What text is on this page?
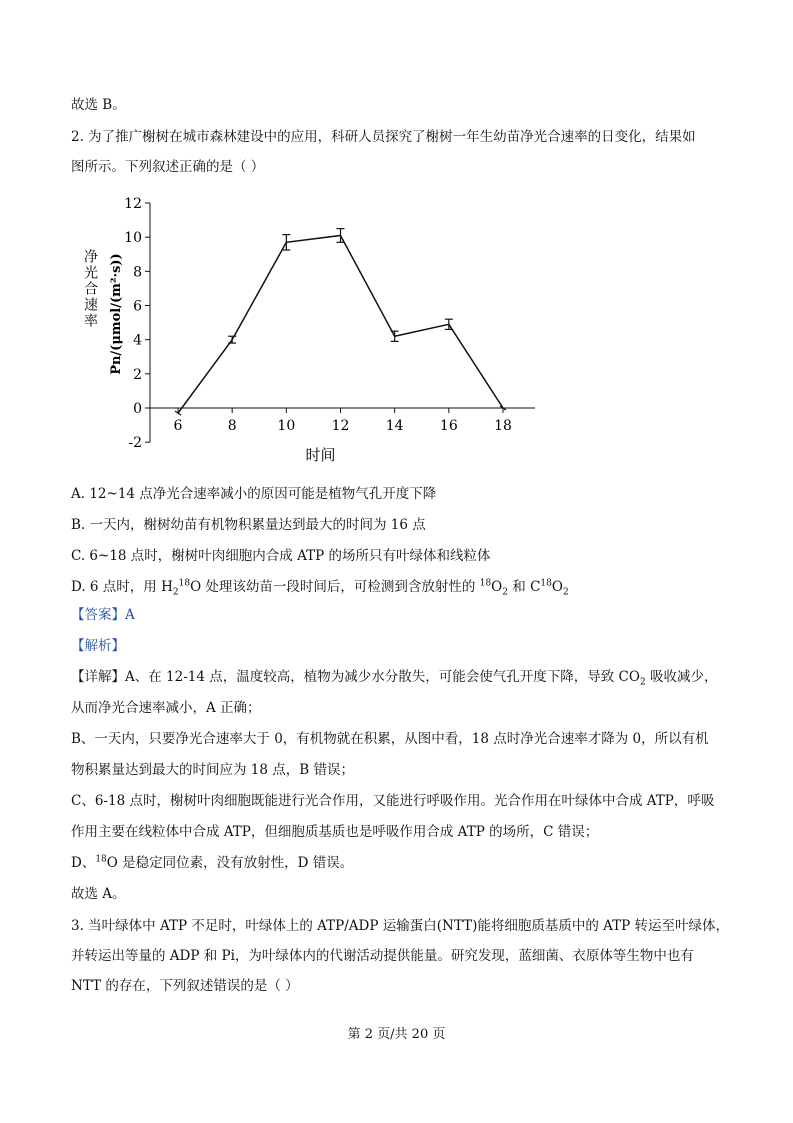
故选 B。
2. 为了推广榭树在城市森林建设中的应用，科研人员探究了榭树一年生幼苗净光合速率的日变化，结果如
图所示。下列叙述正确的是（ ）
12
10
8
6
4
2
0
-2
6	8	10	12	14	16	18
时间
净光合速率 Pn/(μmol/(m²·s))
A. 12~14 点净光合速率减小的原因可能是植物气孔开度下降
B. 一天内，榭树幼苗有机物积累量达到最大的时间为 16 点
C. 6~18 点时，榭树叶肉细胞内合成 ATP 的场所只有叶绿体和线粒体
D. 6 点时，用 $H_2^{18}O$ 处理该幼苗一段时间后，可检测到含放射性的 $^{18}O_2$ 和 $C^{18}O_2$
【答案】A
【解析】
【详解】A、在 12-14 点，温度较高，植物为减少水分散失，可能会使气孔开度下降，导致 $CO_2$ 吸收减少，
从而净光合速率减小，A 正确；
B、一天内，只要净光合速率大于 0，有机物就在积累，从图中看，18 点时净光合速率才降为 0，所以有机
物积累量达到最大的时间应为 18 点，B 错误；
C、6-18 点时，榭树叶肉细胞既能进行光合作用，又能进行呼吸作用。光合作用在叶绿体中合成 ATP，呼吸
作用主要在线粒体中合成 ATP，但细胞质基质也是呼吸作用合成 ATP 的场所，C 错误；
D、$^{18}$O 是稳定同位素，没有放射性，D 错误。
故选 A。
3. 当叶绿体中 ATP 不足时，叶绿体上的 ATP/ADP 运输蛋白(NTT)能将细胞质基质中的 ATP 转运至叶绿体，
并转运出等量的 ADP 和 Pi，为叶绿体内的代谢活动提供能量。研究发现，蓝细菌、衣原体等生物中也有
NTT 的存在，下列叙述错误的是（ ）
第 2 页/共 20 页
